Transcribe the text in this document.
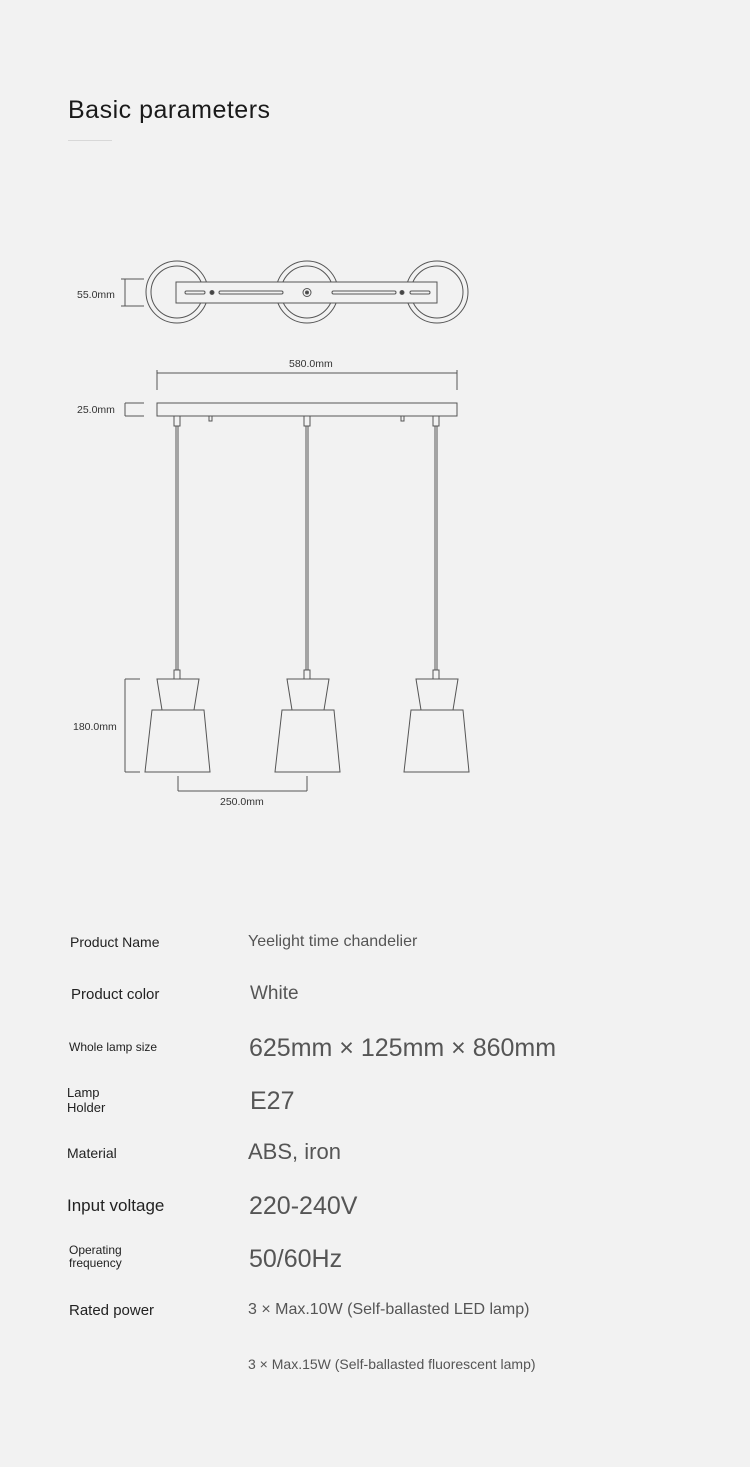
Basic parameters
55.0mm
580.0mm
25.0mm
180.0mm
250.0mm
Product Name	Yeelight time chandelier
Product color	White
Whole lamp size	625mm × 125mm × 860mm
Lamp
Holder	E27
Material	ABS, iron
Input voltage	220-240V
Operating
frequency	50/60Hz
Rated power	3 × Max.10W (Self-ballasted LED lamp)
3 × Max.15W (Self-ballasted fluorescent lamp)
